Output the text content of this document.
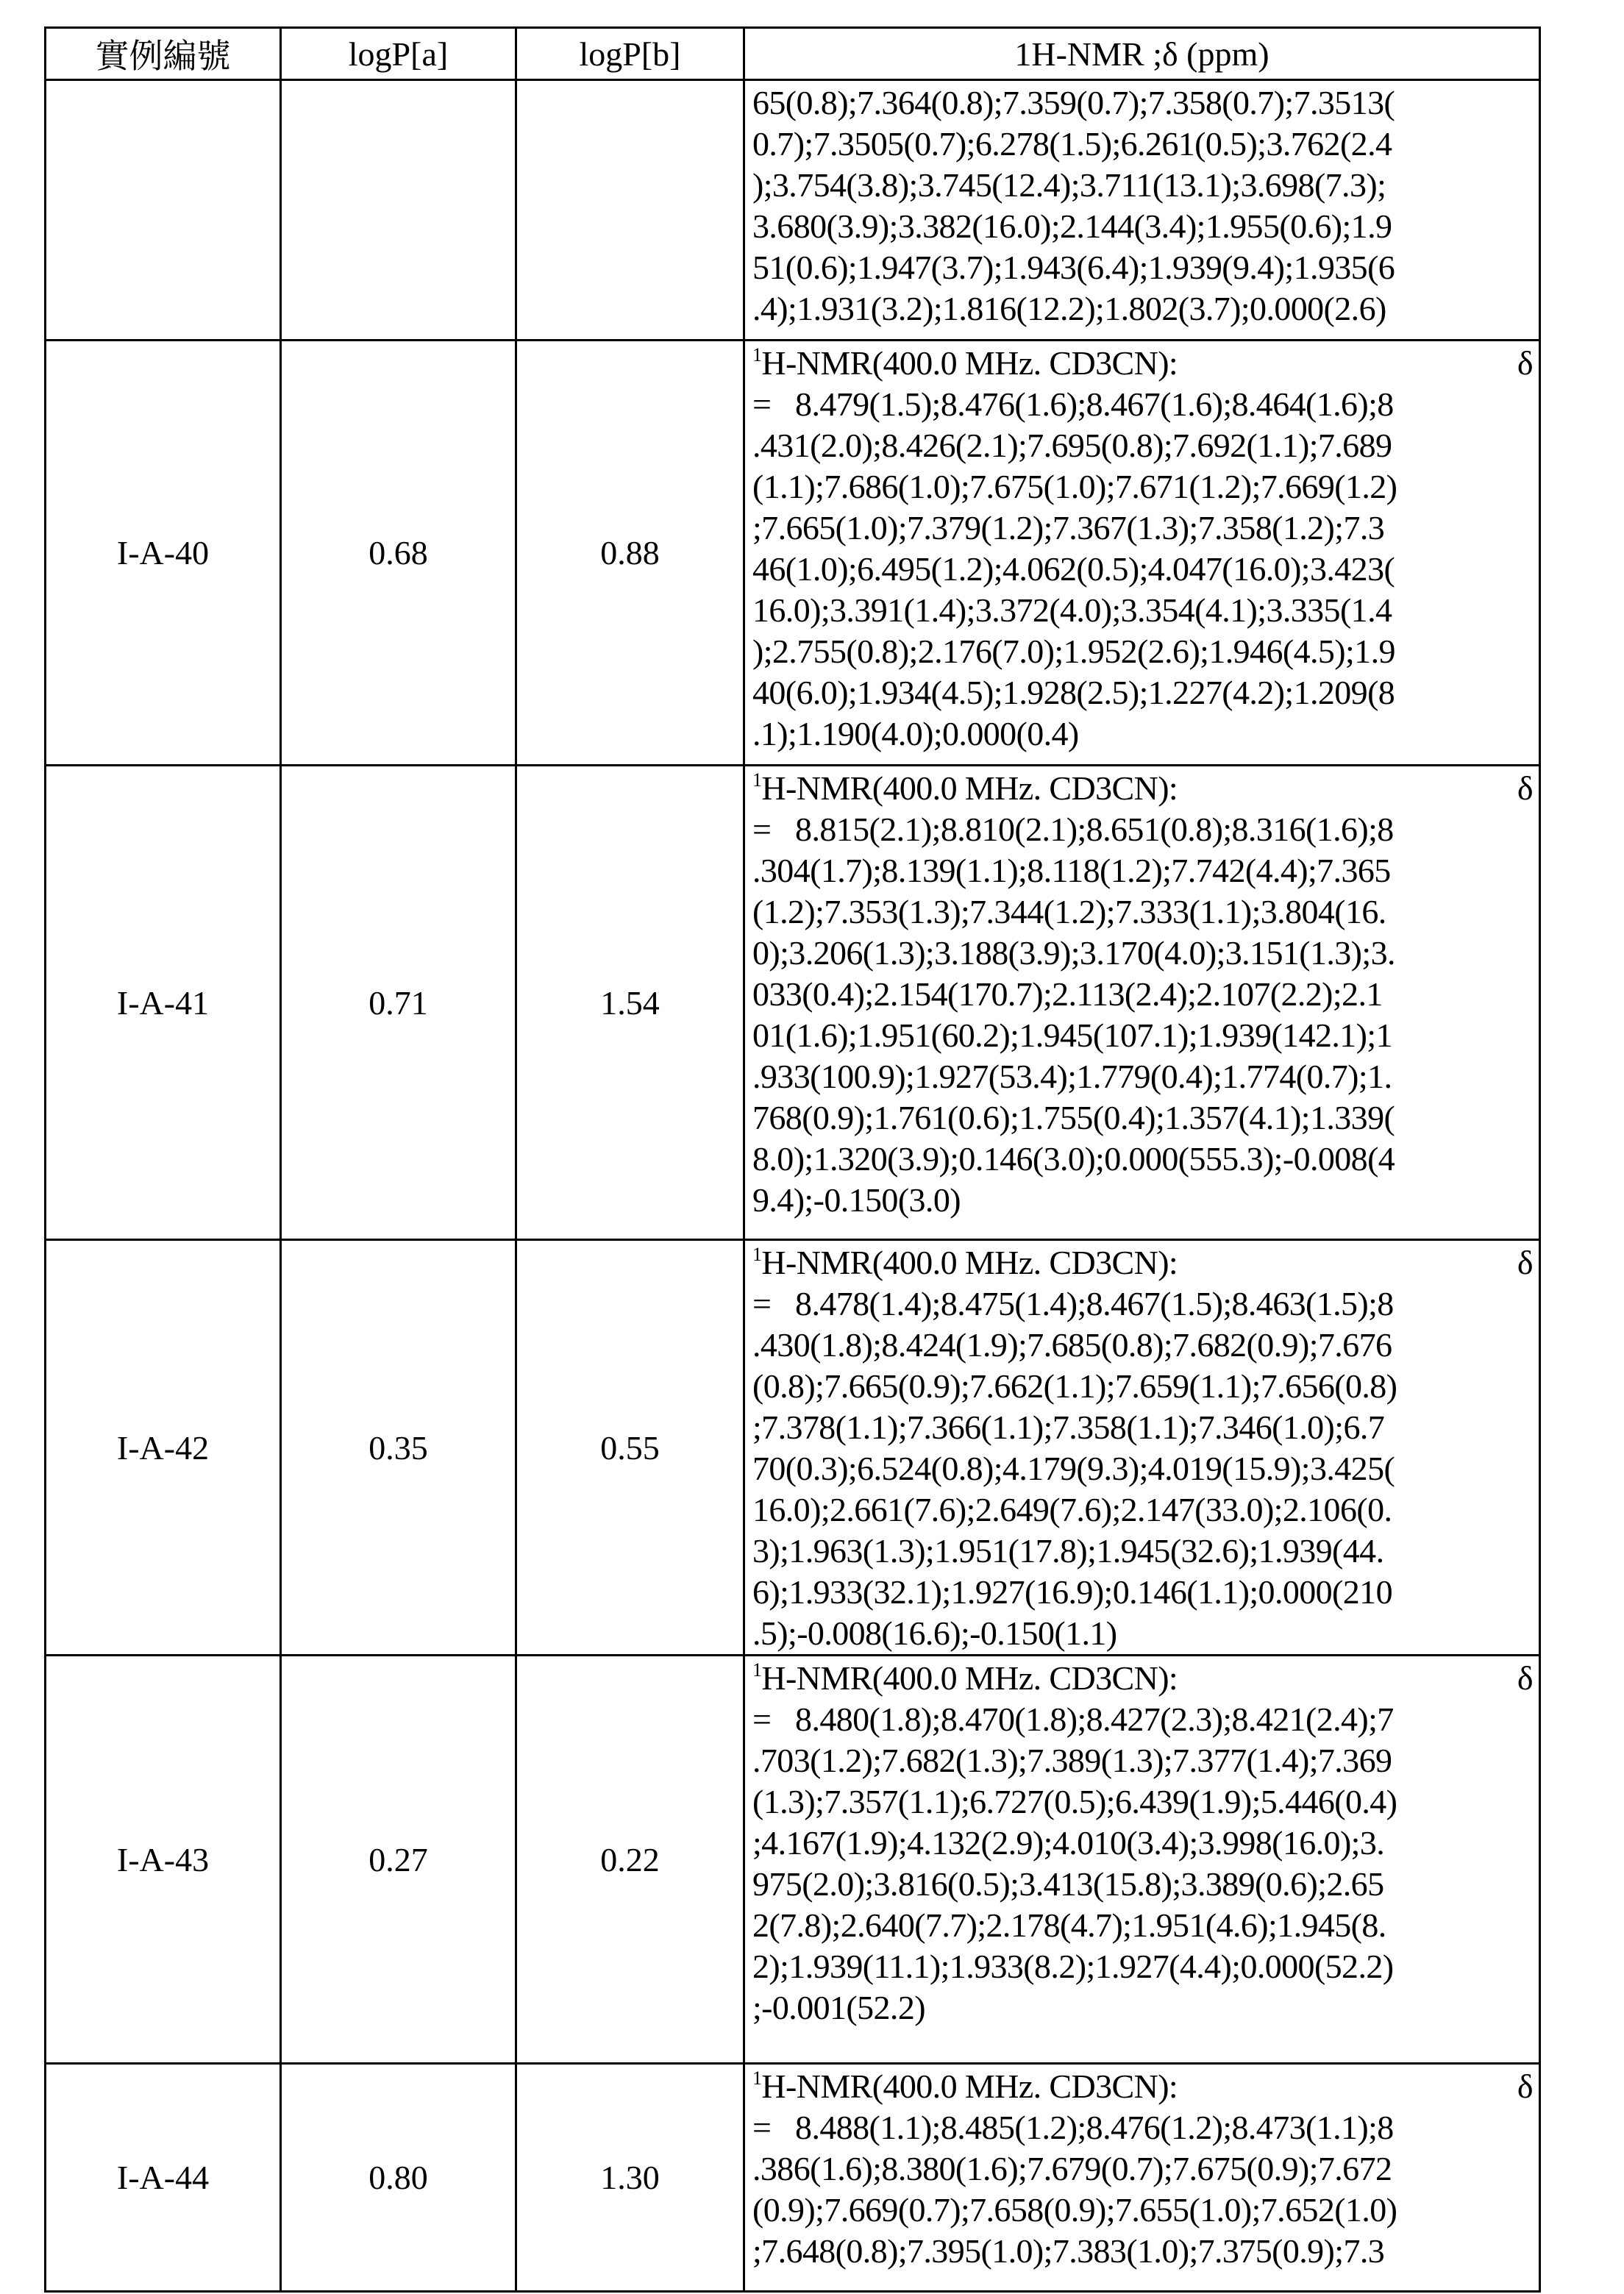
實例編號	logP[a]	logP[b]	1H-NMR ;δ (ppm)

65(0.8);7.364(0.8);7.359(0.7);7.358(0.7);7.3513(
0.7);7.3505(0.7);6.278(1.5);6.261(0.5);3.762(2.4
);3.754(3.8);3.745(12.4);3.711(13.1);3.698(7.3);
3.680(3.9);3.382(16.0);2.144(3.4);1.955(0.6);1.9
51(0.6);1.947(3.7);1.943(6.4);1.939(9.4);1.935(6
.4);1.931(3.2);1.816(12.2);1.802(3.7);0.000(2.6)

I-A-40	0.68	0.88	
1H-NMR(400.0 MHz. CD3CN):	δ
=   8.479(1.5);8.476(1.6);8.467(1.6);8.464(1.6);8
.431(2.0);8.426(2.1);7.695(0.8);7.692(1.1);7.689
(1.1);7.686(1.0);7.675(1.0);7.671(1.2);7.669(1.2)
;7.665(1.0);7.379(1.2);7.367(1.3);7.358(1.2);7.3
46(1.0);6.495(1.2);4.062(0.5);4.047(16.0);3.423(
16.0);3.391(1.4);3.372(4.0);3.354(4.1);3.335(1.4
);2.755(0.8);2.176(7.0);1.952(2.6);1.946(4.5);1.9
40(6.0);1.934(4.5);1.928(2.5);1.227(4.2);1.209(8
.1);1.190(4.0);0.000(0.4)

I-A-41	0.71	1.54	
1H-NMR(400.0 MHz. CD3CN):	δ
=   8.815(2.1);8.810(2.1);8.651(0.8);8.316(1.6);8
.304(1.7);8.139(1.1);8.118(1.2);7.742(4.4);7.365
(1.2);7.353(1.3);7.344(1.2);7.333(1.1);3.804(16.
0);3.206(1.3);3.188(3.9);3.170(4.0);3.151(1.3);3.
033(0.4);2.154(170.7);2.113(2.4);2.107(2.2);2.1
01(1.6);1.951(60.2);1.945(107.1);1.939(142.1);1
.933(100.9);1.927(53.4);1.779(0.4);1.774(0.7);1.
768(0.9);1.761(0.6);1.755(0.4);1.357(4.1);1.339(
8.0);1.320(3.9);0.146(3.0);0.000(555.3);-0.008(4
9.4);-0.150(3.0)

I-A-42	0.35	0.55	
1H-NMR(400.0 MHz. CD3CN):	δ
=   8.478(1.4);8.475(1.4);8.467(1.5);8.463(1.5);8
.430(1.8);8.424(1.9);7.685(0.8);7.682(0.9);7.676
(0.8);7.665(0.9);7.662(1.1);7.659(1.1);7.656(0.8)
;7.378(1.1);7.366(1.1);7.358(1.1);7.346(1.0);6.7
70(0.3);6.524(0.8);4.179(9.3);4.019(15.9);3.425(
16.0);2.661(7.6);2.649(7.6);2.147(33.0);2.106(0.
3);1.963(1.3);1.951(17.8);1.945(32.6);1.939(44.
6);1.933(32.1);1.927(16.9);0.146(1.1);0.000(210
.5);-0.008(16.6);-0.150(1.1)

I-A-43	0.27	0.22	
1H-NMR(400.0 MHz. CD3CN):	δ
=   8.480(1.8);8.470(1.8);8.427(2.3);8.421(2.4);7
.703(1.2);7.682(1.3);7.389(1.3);7.377(1.4);7.369
(1.3);7.357(1.1);6.727(0.5);6.439(1.9);5.446(0.4)
;4.167(1.9);4.132(2.9);4.010(3.4);3.998(16.0);3.
975(2.0);3.816(0.5);3.413(15.8);3.389(0.6);2.65
2(7.8);2.640(7.7);2.178(4.7);1.951(4.6);1.945(8.
2);1.939(11.1);1.933(8.2);1.927(4.4);0.000(52.2)
;-0.001(52.2)

I-A-44	0.80	1.30	
1H-NMR(400.0 MHz. CD3CN):	δ
=   8.488(1.1);8.485(1.2);8.476(1.2);8.473(1.1);8
.386(1.6);8.380(1.6);7.679(0.7);7.675(0.9);7.672
(0.9);7.669(0.7);7.658(0.9);7.655(1.0);7.652(1.0)
;7.648(0.8);7.395(1.0);7.383(1.0);7.375(0.9);7.3
